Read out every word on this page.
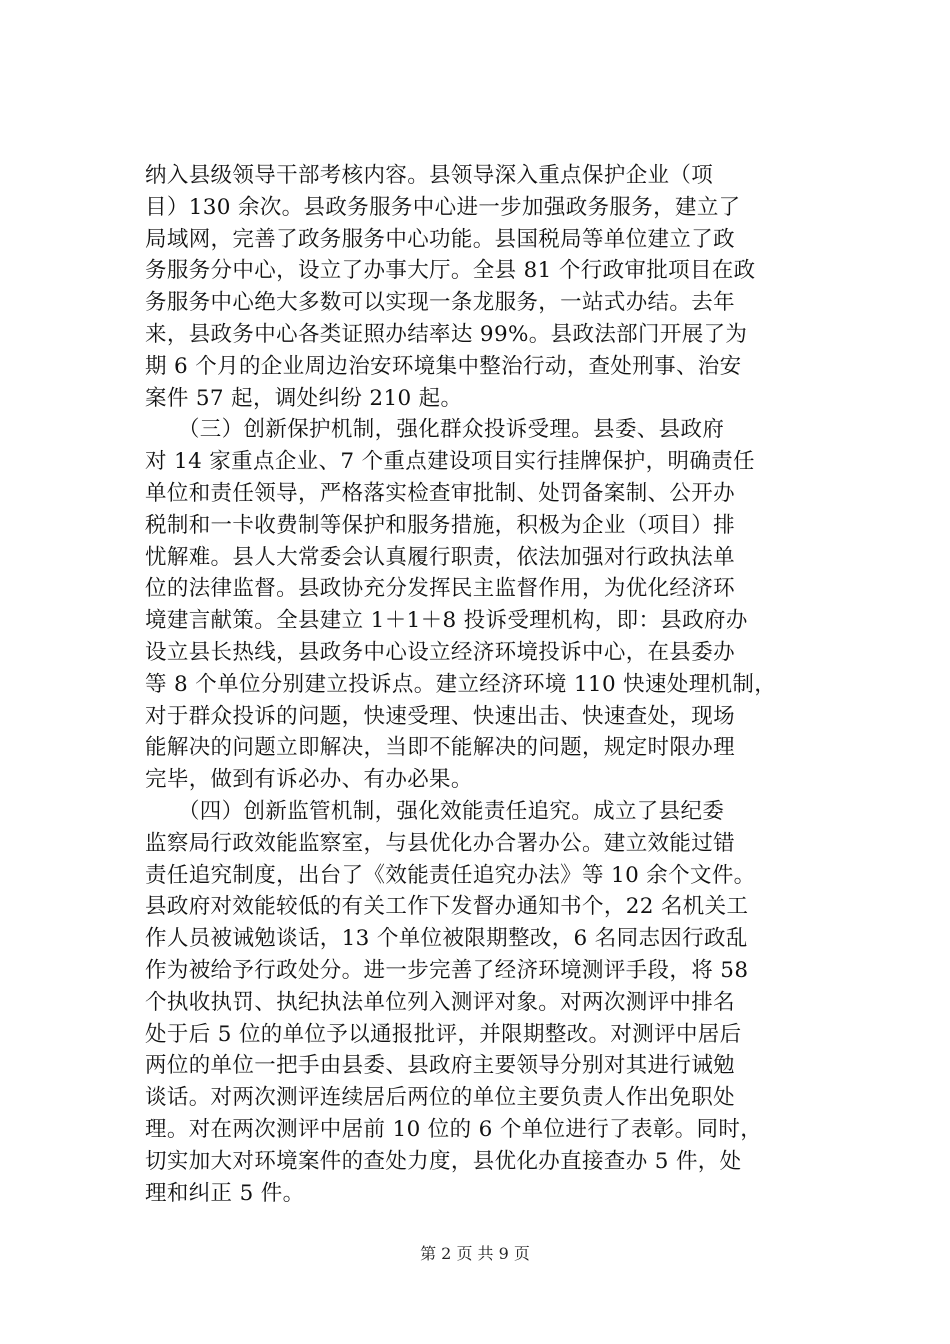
纳入县级领导干部考核内容。县领导深入重点保护企业（项
目）130 余次。县政务服务中心进一步加强政务服务，建立了
局域网，完善了政务服务中心功能。县国税局等单位建立了政
务服务分中心，设立了办事大厅。全县 81 个行政审批项目在政
务服务中心绝大多数可以实现一条龙服务，一站式办结。去年
来，县政务中心各类证照办结率达 99%。县政法部门开展了为
期 6 个月的企业周边治安环境集中整治行动，查处刑事、治安
案件 57 起，调处纠纷 210 起。
　　（三）创新保护机制，强化群众投诉受理。县委、县政府
对 14 家重点企业、7 个重点建设项目实行挂牌保护，明确责任
单位和责任领导，严格落实检查审批制、处罚备案制、公开办
税制和一卡收费制等保护和服务措施，积极为企业（项目）排
忧解难。县人大常委会认真履行职责，依法加强对行政执法单
位的法律监督。县政协充分发挥民主监督作用，为优化经济环
境建言献策。全县建立 1＋1＋8 投诉受理机构，即：县政府办
设立县长热线，县政务中心设立经济环境投诉中心，在县委办
等 8 个单位分别建立投诉点。建立经济环境 110 快速处理机制，
对于群众投诉的问题，快速受理、快速出击、快速查处，现场
能解决的问题立即解决，当即不能解决的问题，规定时限办理
完毕，做到有诉必办、有办必果。
　　（四）创新监管机制，强化效能责任追究。成立了县纪委
监察局行政效能监察室，与县优化办合署办公。建立效能过错
责任追究制度，出台了《效能责任追究办法》等 10 余个文件。
县政府对效能较低的有关工作下发督办通知书个，22 名机关工
作人员被诫勉谈话，13 个单位被限期整改，6 名同志因行政乱
作为被给予行政处分。进一步完善了经济环境测评手段，将 58
个执收执罚、执纪执法单位列入测评对象。对两次测评中排名
处于后 5 位的单位予以通报批评，并限期整改。对测评中居后
两位的单位一把手由县委、县政府主要领导分别对其进行诫勉
谈话。对两次测评连续居后两位的单位主要负责人作出免职处
理。对在两次测评中居前 10 位的 6 个单位进行了表彰。同时，
切实加大对环境案件的查处力度，县优化办直接查办 5 件，处
理和纠正 5 件。
第 2 页 共 9 页
